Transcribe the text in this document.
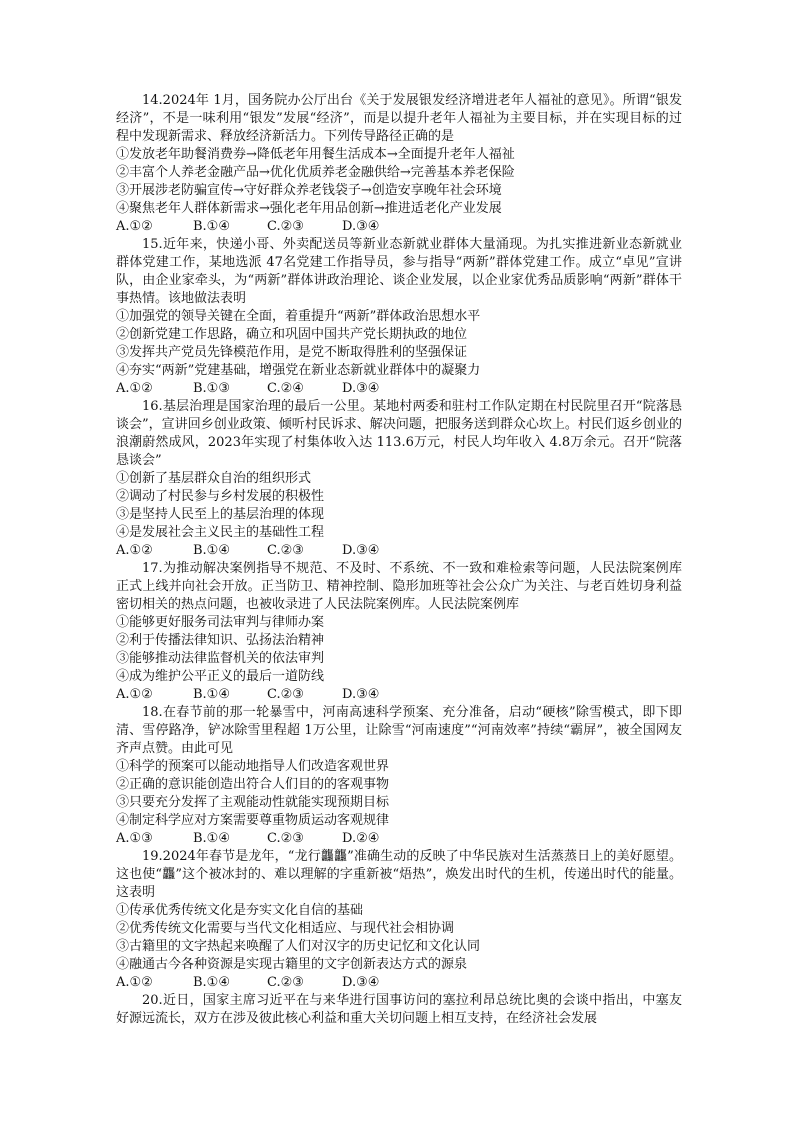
14.2024年 1月，国务院办公厅出台《关于发展银发经济增进老年人福祉的意见》。所谓“银发经济”，不是一味利用“银发”发展“经济”，而是以提升老年人福祉为主要目标，并在实现目标的过程中发现新需求、释放经济新活力。下列传导路径正确的是

①发放老年助餐消费券→降低老年用餐生活成本→全面提升老年人福祉

②丰富个人养老金融产品→优化优质养老金融供给→完善基本养老保险

③开展涉老防骗宣传→守好群众养老钱袋子→创造安享晚年社会环境

④聚焦老年人群体新需求→强化老年用品创新→推进适老化产业发展

A.①②	B.①④	C.②③	D.③④

15.近年来，快递小哥、外卖配送员等新业态新就业群体大量涌现。为扎实推进新业态新就业群体党建工作，某地选派 47名党建工作指导员，参与指导“两新”群体党建工作。成立“卓见”宣讲队，由企业家牵头，为“两新”群体讲政治理论、谈企业发展，以企业家优秀品质影响“两新”群体干事热情。该地做法表明

①加强党的领导关键在全面，着重提升“两新”群体政治思想水平

②创新党建工作思路，确立和巩固中国共产党长期执政的地位

③发挥共产党员先锋模范作用，是党不断取得胜利的坚强保证

④夯实“两新”党建基础，增强党在新业态新就业群体中的凝聚力

A.①②	B.①③	C.②④	D.③④

16.基层治理是国家治理的最后一公里。某地村两委和驻村工作队定期在村民院里召开“院落恳谈会”，宣讲回乡创业政策、倾听村民诉求、解决问题，把服务送到群众心坎上。村民们返乡创业的浪潮蔚然成风，2023年实现了村集体收入达 113.6万元，村民人均年收入 4.8万余元。召开“院落恳谈会”

①创新了基层群众自治的组织形式

②调动了村民参与乡村发展的积极性

③是坚持人民至上的基层治理的体现

④是发展社会主义民主的基础性工程

A.①②	B.①④	C.②③	D.③④

17.为推动解决案例指导不规范、不及时、不系统、不一致和难检索等问题，人民法院案例库正式上线并向社会开放。正当防卫、精神控制、隐形加班等社会公众广为关注、与老百姓切身利益密切相关的热点问题，也被收录进了人民法院案例库。人民法院案例库

①能够更好服务司法审判与律师办案

②利于传播法律知识、弘扬法治精神

③能够推动法律监督机关的依法审判

④成为维护公平正义的最后一道防线

A.①②	B.①④	C.②③	D.③④

18.在春节前的那一轮暴雪中，河南高速科学预案、充分准备，启动“硬核”除雪模式，即下即清、雪停路净，铲冰除雪里程超 1万公里，让除雪“河南速度”“河南效率”持续“霸屏”，被全国网友齐声点赞。由此可见

①科学的预案可以能动地指导人们改造客观世界

②正确的意识能创造出符合人们目的的客观事物

③只要充分发挥了主观能动性就能实现预期目标

④制定科学应对方案需要尊重物质运动客观规律

A.①③	B.①④	C.②③	D.②④

19.2024年春节是龙年，“龙行龘龘”准确生动的反映了中华民族对生活蒸蒸日上的美好愿望。这也使“龘”这个被冰封的、难以理解的字重新被“焐热”，焕发出时代的生机，传递出时代的能量。这表明

①传承优秀传统文化是夯实文化自信的基础

②优秀传统文化需要与当代文化相适应、与现代社会相协调

③古籍里的文字热起来唤醒了人们对汉字的历史记忆和文化认同

④融通古今各种资源是实现古籍里的文字创新表达方式的源泉

A.①②	B.①④	C.②③	D.③④

20.近日，国家主席习近平在与来华进行国事访问的塞拉利昂总统比奥的会谈中指出，中塞友好源远流长，双方在涉及彼此核心利益和重大关切问题上相互支持，在经济社会发展
